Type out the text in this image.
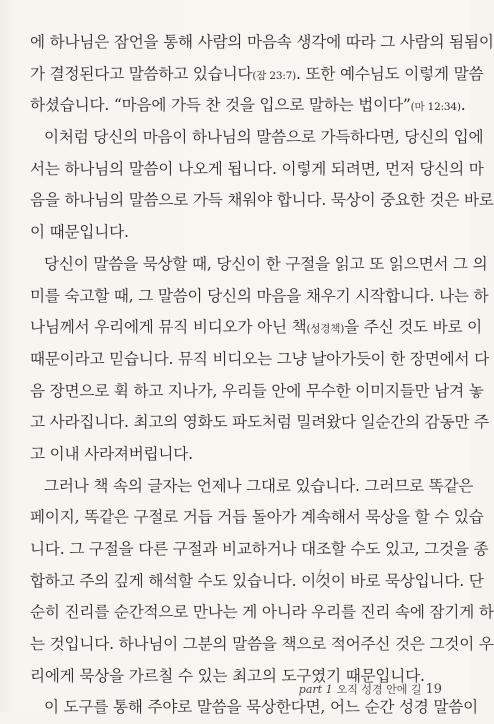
에 하나님은 잠언을 통해 사람의 마음속 생각에 따라 그 사람의 됨됨이
가 결정된다고 말씀하고 있습니다(잠 23:7). 또한 예수님도 이렇게 말씀
하셨습니다. “마음에 가득 찬 것을 입으로 말하는 법이다”(마 12:34).
이처럼 당신의 마음이 하나님의 말씀으로 가득하다면, 당신의 입에
서는 하나님의 말씀이 나오게 됩니다. 이렇게 되려면, 먼저 당신의 마
음을 하나님의 말씀으로 가득 채워야 합니다. 묵상이 중요한 것은 바로
이 때문입니다.
당신이 말씀을 묵상할 때, 당신이 한 구절을 읽고 또 읽으면서 그 의
미를 숙고할 때, 그 말씀이 당신의 마음을 채우기 시작합니다. 나는 하
나님께서 우리에게 뮤직 비디오가 아닌 책(성경책)을 주신 것도 바로 이
때문이라고 믿습니다. 뮤직 비디오는 그냥 날아가듯이 한 장면에서 다
음 장면으로 휙 하고 지나가, 우리들 안에 무수한 이미지들만 남겨 놓
고 사라집니다. 최고의 영화도 파도처럼 밀려왔다 일순간의 감동만 주
고 이내 사라져버립니다.
그러나 책 속의 글자는 언제나 그대로 있습니다. 그러므로 똑같은
페이지, 똑같은 구절로 거듭 거듭 돌아가 계속해서 묵상을 할 수 있습
니다. 그 구절을 다른 구절과 비교하거나 대조할 수도 있고, 그것을 종
합하고 주의 깊게 해석할 수도 있습니다. 이것이 바로 묵상입니다. 단
순히 진리를 순간적으로 만나는 게 아니라 우리를 진리 속에 잠기게 하
는 것입니다. 하나님이 그분의 말씀을 책으로 적어주신 것은 그것이 우
리에게 묵상을 가르칠 수 있는 최고의 도구였기 때문입니다.
이 도구를 통해 주야로 말씀을 묵상한다면, 어느 순간 성경 말씀이
part 1 오직 성경 안에 길 19
